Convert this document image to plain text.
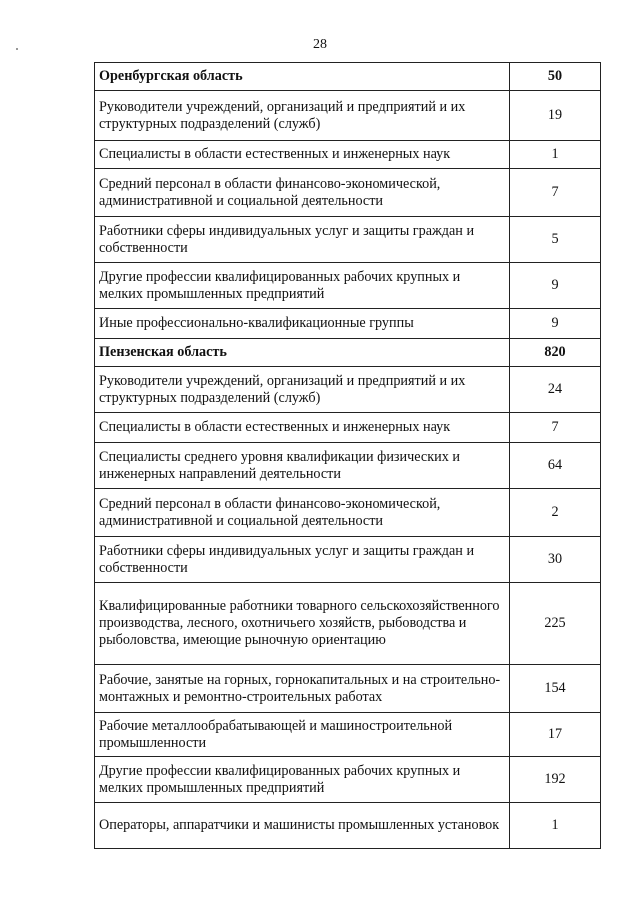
28
Оренбургская область	50
Руководители учреждений, организаций и предприятий и их структурных подразделений (служб)	19
Специалисты в области естественных и инженерных наук	1
Средний персонал в области финансово-экономической, административной и социальной деятельности	7
Работники сферы индивидуальных услуг и защиты граждан и собственности	5
Другие профессии квалифицированных рабочих крупных и мелких промышленных предприятий	9
Иные профессионально-квалификационные группы	9
Пензенская область	820
Руководители учреждений, организаций и предприятий и их структурных подразделений (служб)	24
Специалисты в области естественных и инженерных наук	7
Специалисты среднего уровня квалификации физических и инженерных направлений деятельности	64
Средний персонал в области финансово-экономической, административной и социальной деятельности	2
Работники сферы индивидуальных услуг и защиты граждан и собственности	30
Квалифицированные работники товарного сельскохозяйственного производства, лесного, охотничьего хозяйств, рыбоводства и рыболовства, имеющие рыночную ориентацию	225
Рабочие, занятые на горных, горнокапитальных и на строительно-монтажных и ремонтно-строительных работах	154
Рабочие металлообрабатывающей и машиностроительной промышленности	17
Другие профессии квалифицированных рабочих крупных и мелких промышленных предприятий	192
Операторы, аппаратчики и машинисты промышленных установок	1
